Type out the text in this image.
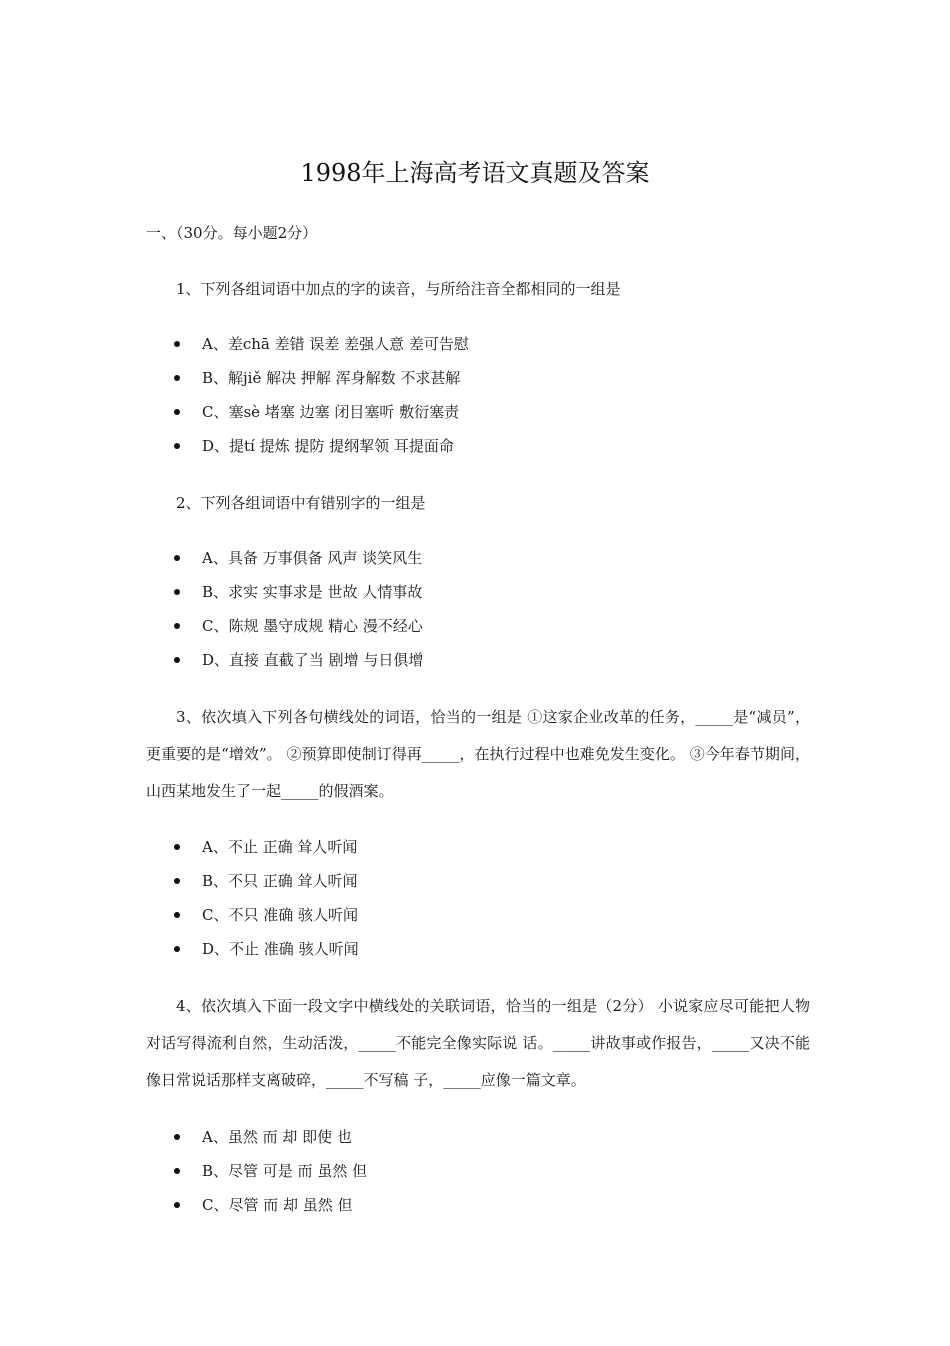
1998年上海高考语文真题及答案
一、（30分。每小题2分）

1、下列各组词语中加点的字的读音，与所给注音全都相同的一组是

A、差chā 差错 误差 差强人意 差可告慰
B、解jiě 解决 押解 浑身解数 不求甚解
C、塞sè 堵塞 边塞 闭目塞听 敷衍塞责
D、提tí 提炼 提防 提纲挈领 耳提面命

2、下列各组词语中有错别字的一组是

A、具备 万事俱备 风声 谈笑风生
B、求实 实事求是 世故 人情事故
C、陈规 墨守成规 精心 漫不经心
D、直接 直截了当 剧增 与日俱增

3、依次填入下列各句横线处的词语，恰当的一组是 ①这家企业改革的任务，_____是“减员”，更重要的是“增效”。 ②预算即使制订得再_____，在执行过程中也难免发生变化。 ③今年春节期间，山西某地发生了一起_____的假酒案。

A、不止 正确 耸人听闻
B、不只 正确 耸人听闻
C、不只 准确 骇人听闻
D、不止 准确 骇人听闻

4、依次填入下面一段文字中横线处的关联词语，恰当的一组是（2分） 小说家应尽可能把人物对话写得流利自然，生动活泼，_____不能完全像实际说 话。_____讲故事或作报告，_____又决不能像日常说话那样支离破碎，_____不写稿 子，_____应像一篇文章。

A、虽然 而 却 即使 也
B、尽管 可是 而 虽然 但
C、尽管 而 却 虽然 但
